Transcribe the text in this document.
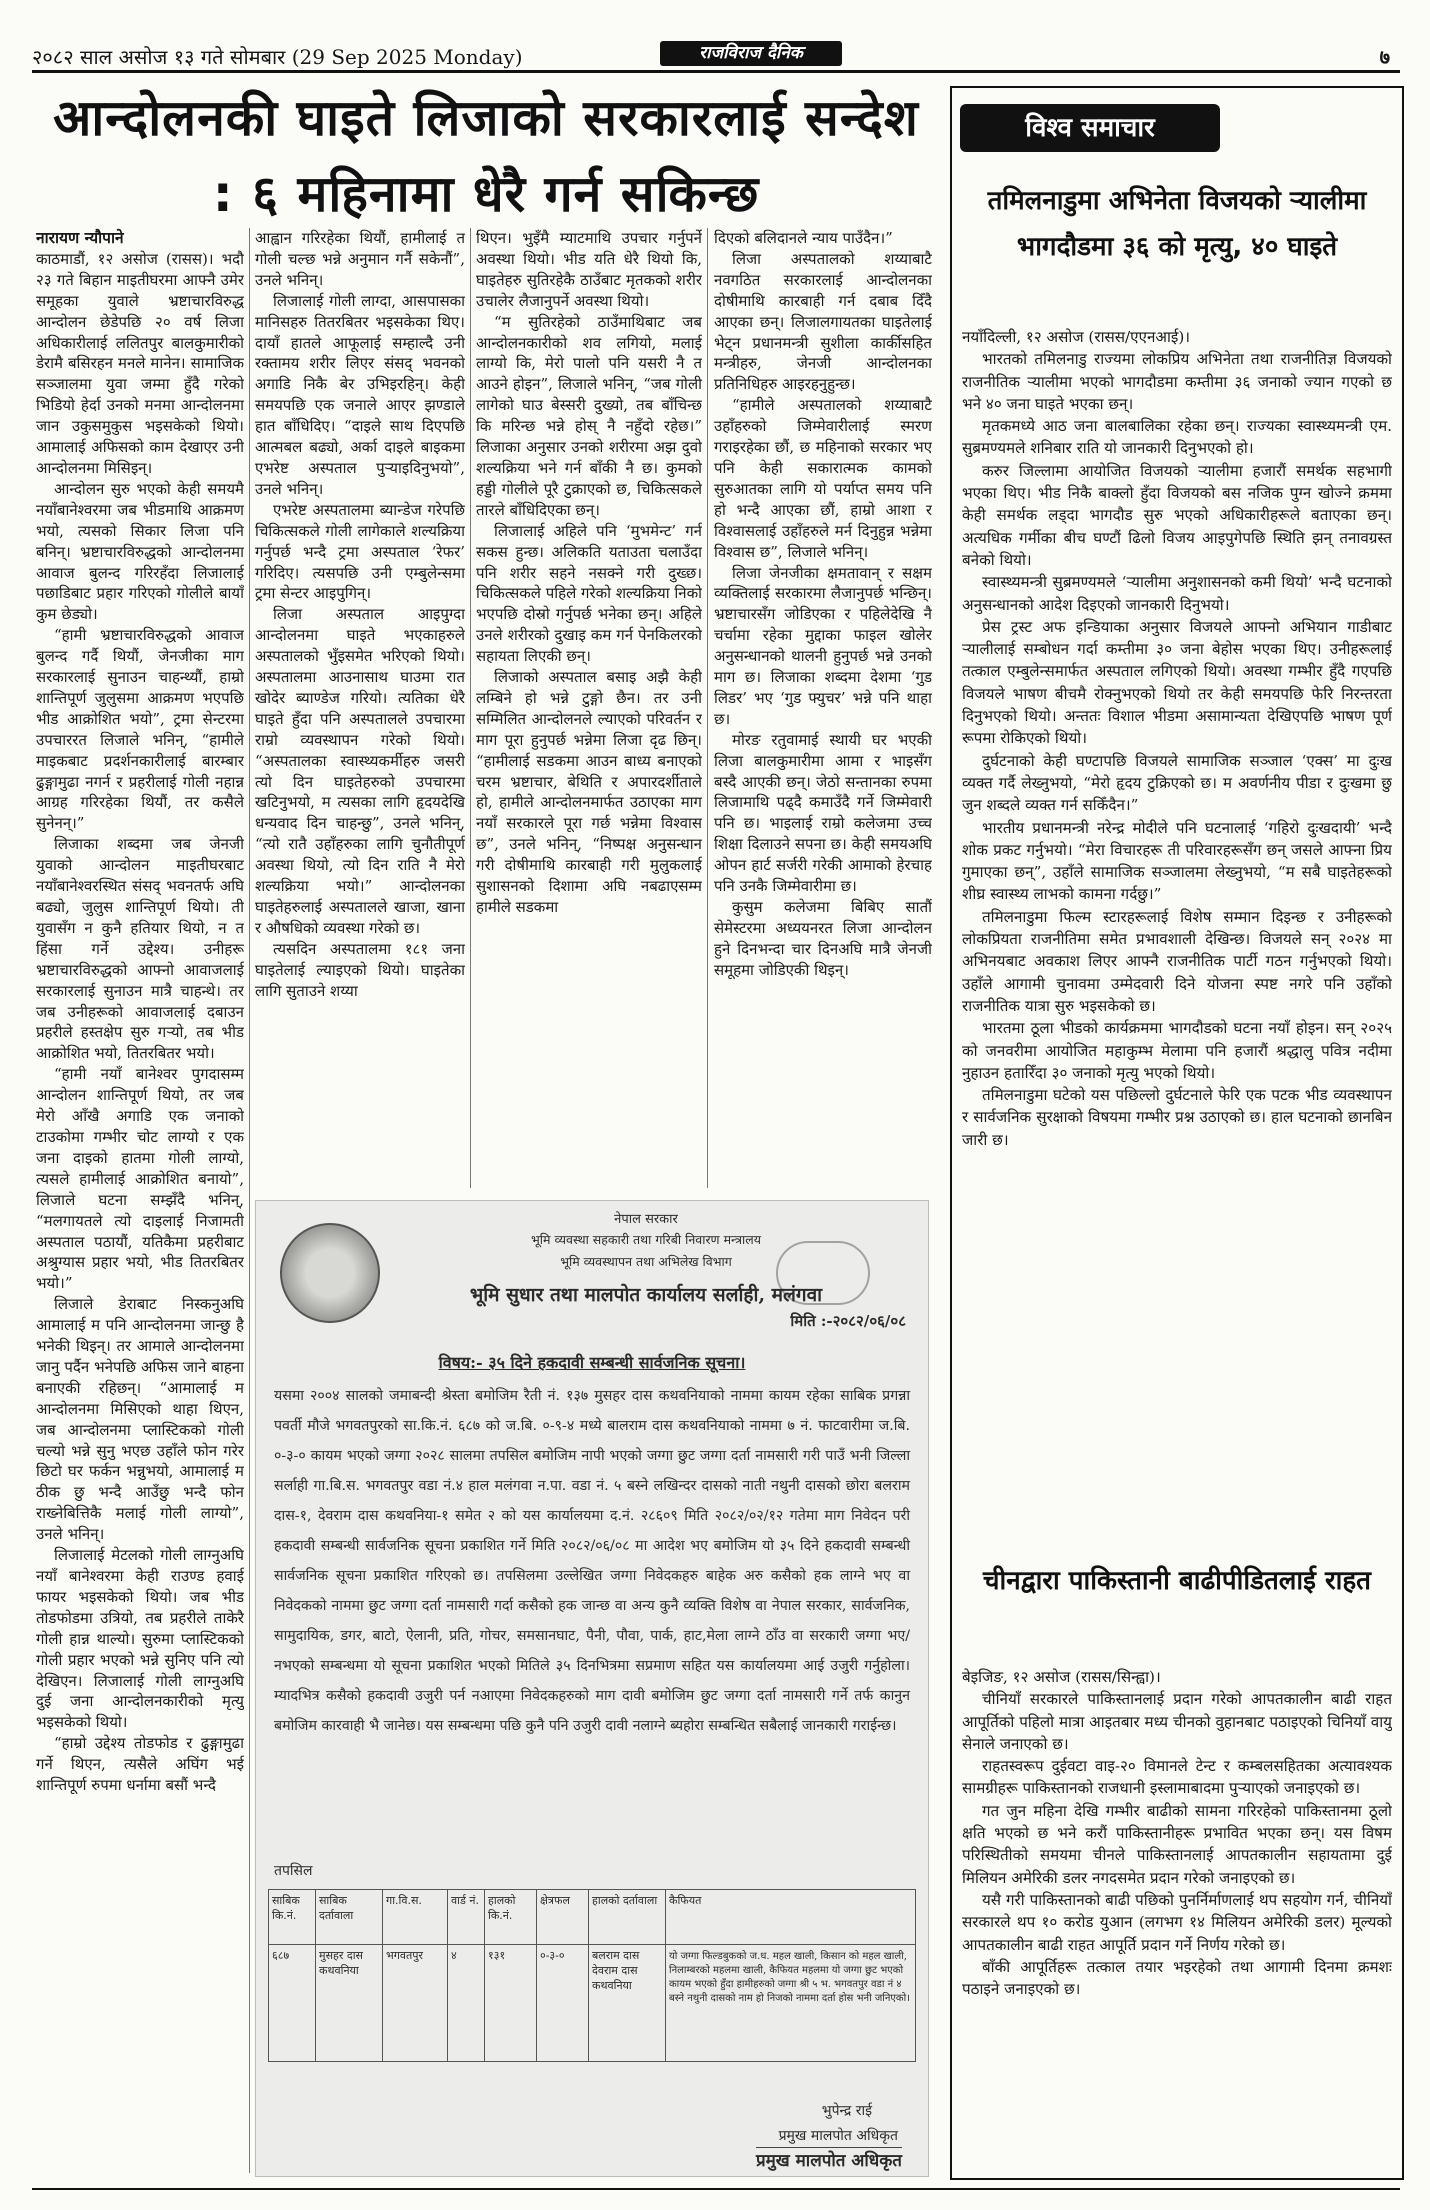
२०८२ साल असोज १३ गते सोमबार (29 Sep 2025 Monday)	राजविराज दैनिक	७
आन्दोलनकी घाइते लिजाको सरकारलाई सन्देश : ६ महिनामा धेरै गर्न सकिन्छ

नारायण न्यौपाने

काठमाडौं, १२ असोज (रासस)। भदौ २३ गते बिहान माइतीघरमा आफ्नै उमेर समूहका युवाले भ्रष्टाचारविरुद्ध आन्दोलन छेडेपछि २० वर्ष लिजा अधिकारीलाई ललितपुर बालकुमारीको डेरामै बसिरहन मनले मानेन। सामाजिक सञ्जालमा युवा जम्मा हुँदै गरेको भिडियो हेर्दा उनको मनमा आन्दोलनमा जान उकुसमुकुस भइसकेको थियो। आमालाई अफिसको काम देखाएर उनी आन्दोलनमा मिसिइन्।

आन्दोलन सुरु भएको केही समयमै नयाँबानेश्वरमा जब भीडमाथि आक्रमण भयो, त्यसको सिकार लिजा पनि बनिन्। भ्रष्टाचारविरुद्धको आन्दोलनमा आवाज बुलन्द गरिरहँदा लिजालाई पछाडिबाट प्रहार गरिएको गोलीले बायाँ कुम छेड्यो।

“हामी भ्रष्टाचारविरुद्धको आवाज बुलन्द गर्दै थियौं, जेनजीका माग सरकारलाई सुनाउन चाहन्थ्यौं, हाम्रो शान्तिपूर्ण जुलुसमा आक्रमण भएपछि भीड आक्रोशित भयो”, ट्रमा सेन्टरमा उपचाररत लिजाले भनिन्, “हामीले माइकबाट प्रदर्शनकारीलाई बारम्बार ढुङ्गामुढा नगर्न र प्रहरीलाई गोली नहान्न आग्रह गरिरहेका थियौं, तर कसैले सुनेनन्।”

लिजाका शब्दमा जब जेनजी युवाको आन्दोलन माइतीघरबाट नयाँबानेश्वरस्थित संसद् भवनतर्फ अघि बढ्यो, जुलुस शान्तिपूर्ण थियो। ती युवासँग न कुनै हतियार थियो, न त हिंसा गर्ने उद्देश्य। उनीहरू भ्रष्टाचारविरुद्धको आफ्नो आवाजलाई सरकारलाई सुनाउन मात्रै चाहन्थे। तर जब उनीहरूको आवाजलाई दबाउन प्रहरीले हस्तक्षेप सुरु गर्‍यो, तब भीड आक्रोशित भयो, तितरबितर भयो।

“हामी नयाँ बानेश्वर पुगदासम्म आन्दोलन शान्तिपूर्ण थियो, तर जब मेरो आँखै अगाडि एक जनाको टाउकोमा गम्भीर चोट लाग्यो र एक जना दाइको हातमा गोली लाग्यो, त्यसले हामीलाई आक्रोशित बनायो”, लिजाले घटना सम्झँदै भनिन्, “मलगायतले त्यो दाइलाई निजामती अस्पताल पठायौं, यतिकैमा प्रहरीबाट अश्रुग्यास प्रहार भयो, भीड तितरबितर भयो।”

लिजाले डेराबाट निस्कनुअघि आमालाई म पनि आन्दोलनमा जान्छु है भनेकी थिइन्। तर आमाले आन्दोलनमा जानु पर्दैन भनेपछि अफिस जाने बाहना बनाएकी रहिछन्। “आमालाई म आन्दोलनमा मिसिएको थाहा थिएन, जब आन्दोलनमा प्लास्टिकको गोली चल्यो भन्ने सुनु भएछ उहाँले फोन गरेर छिटो घर फर्कन भन्नुभयो, आमालाई म ठीक छु भन्दै आउँछु भन्दै फोन राख्नेबित्तिकै मलाई गोली लाग्यो”, उनले भनिन्।

लिजालाई मेटलको गोली लाग्नुअघि नयाँ बानेश्वरमा केही राउण्ड हवाई फायर भइसकेको थियो। जब भीड तोडफोडमा उत्रियो, तब प्रहरीले ताकेरै गोली हान्न थाल्यो। सुरुमा प्लास्टिकको गोली प्रहार भएको भन्ने सुनिए पनि त्यो देखिएन। लिजालाई गोली लाग्नुअघि दुई जना आन्दोलनकारीको मृत्यु भइसकेको थियो।

“हाम्रो उद्देश्य तोडफोड र ढुङ्गामुढा गर्ने थिएन, त्यसैले अघिंग भई शान्तिपूर्ण रुपमा धर्नामा बसौं भन्दै

आह्वान गरिरहेका थियौं, हामीलाई त गोली चल्छ भन्ने अनुमान गर्नै सकेनौं”, उनले भनिन्।

लिजालाई गोली लाग्दा, आसपासका मानिसहरु तितरबितर भइसकेका थिए। दायाँ हातले आफूलाई सम्हाल्दै उनी रक्तामय शरीर लिएर संसद् भवनको अगाडि निकै बेर उभिइरहिन्। केही समयपछि एक जनाले आएर झण्डाले हात बाँधिदिए। “दाइले साथ दिएपछि आत्मबल बढ्यो, अर्का दाइले बाइकमा एभरेष्ट अस्पताल पुऱ्याइदिनुभयो”, उनले भनिन्।

एभरेष्ट अस्पतालमा ब्यान्डेज गरेपछि चिकित्सकले गोली लागेकाले शल्यक्रिया गर्नुपर्छ भन्दै ट्रमा अस्पताल ‘रेफर’ गरिदिए। त्यसपछि उनी एम्बुलेन्समा ट्रमा सेन्टर आइपुगिन्।

लिजा अस्पताल आइपुग्दा आन्दोलनमा घाइते भएकाहरुले अस्पतालको भुँइसमेत भरिएको थियो। अस्पतालमा आउनासाथ घाउमा रात खोदेर ब्याण्डेज गरियो। त्यतिका धेरै घाइते हुँदा पनि अस्पतालले उपचारमा राम्रो व्यवस्थापन गरेको थियो। “अस्पतालका स्वास्थ्यकर्मीहरु जसरी त्यो दिन घाइतेहरुको उपचारमा खटिनुभयो, म त्यसका लागि हृदयदेखि धन्यवाद दिन चाहन्छु”, उनले भनिन्, “त्यो रातै उहाँहरुका लागि चुनौतीपूर्ण अवस्था थियो, त्यो दिन राति नै मेरो शल्यक्रिया भयो।” आन्दोलनका घाइतेहरुलाई अस्पतालले खाजा, खाना र औषधिको व्यवस्था गरेको छ।

त्यसदिन अस्पतालमा १८१ जना घाइतेलाई ल्याइएको थियो। घाइतेका लागि सुताउने शय्या

थिएन। भुइँमै म्याटमाथि उपचार गर्नुपर्ने अवस्था थियो। भीड यति धेरै थियो कि, घाइतेहरु सुतिरहेकै ठाउँबाट मृतकको शरीर उचालेर लैजानुपर्ने अवस्था थियो।

“म सुतिरहेको ठाउँमाथिबाट जब आन्दोलनकारीको शव लगियो, मलाई लाग्यो कि, मेरो पालो पनि यसरी नै त आउने होइन”, लिजाले भनिन्, “जब गोली लागेको घाउ बेस्सरी दुख्यो, तब बाँचिन्छ कि मरिन्छ भन्ने होस् नै नहुँदो रहेछ।” लिजाका अनुसार उनको शरीरमा अझ दुवो शल्यक्रिया भने गर्न बाँकी नै छ। कुमको हड्डी गोलीले पूरै टुक्राएको छ, चिकित्सकले तारले बाँधिदिएका छन्।

लिजालाई अहिले पनि ‘मुभमेन्ट’ गर्न सकस हुन्छ। अलिकति यताउता चलाउँदा पनि शरीर सहने नसक्ने गरी दुख्छ। चिकित्सकले पहिले गरेको शल्यक्रिया निको भएपछि दोस्रो गर्नुपर्छ भनेका छन्। अहिले उनले शरीरको दुखाइ कम गर्न पेनकिलरको सहायता लिएकी छन्।

लिजाको अस्पताल बसाइ अझै केही लम्बिने हो भन्ने टुङ्गो छैन। तर उनी सम्मिलित आन्दोलनले ल्याएको परिवर्तन र माग पूरा हुनुपर्छ भन्नेमा लिजा दृढ छिन्। “हामीलाई सडकमा आउन बाध्य बनाएको चरम भ्रष्टाचार, बेथिति र अपारदर्शीताले हो, हामीले आन्दोलनमार्फत उठाएका माग नयाँ सरकारले पूरा गर्छ भन्नेमा विश्वास छ”, उनले भनिन्, “निष्पक्ष अनुसन्धान गरी दोषीमाथि कारबाही गरी मुलुकलाई सुशासनको दिशामा अघि नबढाएसम्म हामीले सडकमा

दिएको बलिदानले न्याय पाउँदैन।”

लिजा अस्पतालको शय्याबाटै नवगठित सरकारलाई आन्दोलनका दोषीमाथि कारबाही गर्न दबाब दिँदै आएका छन्। लिजालगायतका घाइतेलाई भेट्न प्रधानमन्त्री सुशीला कार्कीसहित मन्त्रीहरु, जेनजी आन्दोलनका प्रतिनिधिहरु आइरहनुहुन्छ।

“हामीले अस्पतालको शय्याबाटै उहाँहरुको जिम्मेवारीलाई स्मरण गराइरहेका छौं, छ महिनाको सरकार भए पनि केही सकारात्मक कामको सुरुआतका लागि यो पर्याप्त समय पनि हो भन्दै आएका छौं, हाम्रो आशा र विश्वासलाई उहाँहरुले मर्न दिनुहुन्न भन्नेमा विश्वास छ”, लिजाले भनिन्।

लिजा जेनजीका क्षमतावान् र सक्षम व्यक्तिलाई सरकारमा लैजानुपर्छ भन्छिन्। भ्रष्टाचारसँग जोडिएका र पहिलेदेखि नै चर्चामा रहेका मुद्दाका फाइल खोलेर अनुसन्धानको थालनी हुनुपर्छ भन्ने उनको माग छ। लिजाका शब्दमा देशमा ‘गुड लिडर’ भए ‘गुड फ्युचर’ भन्ने पनि थाहा छ।

मोरङ रतुवामाई स्थायी घर भएकी लिजा बालकुमारीमा आमा र भाइसँग बस्दै आएकी छन्। जेठो सन्तानका रुपमा लिजामाथि पढ्दै कमाउँदै गर्ने जिम्मेवारी पनि छ। भाइलाई राम्रो कलेजमा उच्च शिक्षा दिलाउने सपना छ। केही समयअघि ओपन हार्ट सर्जरी गरेकी आमाको हेरचाह पनि उनकै जिम्मेवारीमा छ।

कुसुम कलेजमा बिबिए सातौं सेमेस्टरमा अध्ययनरत लिजा आन्दोलन हुने दिनभन्दा चार दिनअघि मात्रै जेनजी समूहमा जोडिएकी थिइन्।

नेपाल सरकार
भूमि व्यवस्था सहकारी तथा गरिबी निवारण मन्त्रालय
भूमि व्यवस्थापन तथा अभिलेख विभाग
भूमि सुधार तथा मालपोत कार्यालय सर्लाही, मलंगवा
मिति :-२०८२/०६/०८
विषय:- ३५ दिने हकदावी सम्बन्धी सार्वजनिक सूचना।
यसमा २००४ सालको जमाबन्दी श्रेस्ता बमोजिम रैती नं. १३७ मुसहर दास कथवनियाको नाममा कायम रहेका साबिक प्रगन्ना पवर्ती मौजे भगवतपुरको सा.कि.नं. ६८७ को ज.बि. ०-९-४ मध्ये बालराम दास कथवनियाको नाममा ७ नं. फाटवारीमा ज.बि. ०-३-० कायम भएको जग्गा २०२८ सालमा तपसिल बमोजिम नापी भएको जग्गा छुट जग्गा दर्ता नामसारी गरी पाउँ भनी जिल्ला सर्लाही गा.बि.स. भगवतपुर वडा नं.४ हाल मलंगवा न.पा. वडा नं. ५ बस्ने लखिन्दर दासको नाती नथुनी दासको छोरा बलराम दास-१, देवराम दास कथवनिया-१ समेत २ को यस कार्यालयमा द.नं. २८६०९ मिति २०८२/०२/१२ गतेमा माग निवेदन परी हकदावी सम्बन्धी सार्वजनिक सूचना प्रकाशित गर्ने मिति २०८२/०६/०८ मा आदेश भए बमोजिम यो ३५ दिने हकदावी सम्बन्धी सार्वजनिक सूचना प्रकाशित गरिएको छ। तपसिलमा उल्लेखित जग्गा निवेदकहरु बाहेक अरु कसैको हक लाग्ने भए वा निवेदकको नाममा छुट जग्गा दर्ता नामसारी गर्दा कसैको हक जान्छ वा अन्य कुनै व्यक्ति विशेष वा नेपाल सरकार, सार्वजनिक, सामुदायिक, डगर, बाटो, ऐलानी, प्रति, गोचर, समसानघाट, पैनी, पौवा, पार्क, हाट,मेला लाग्ने ठाँउ वा सरकारी जग्गा भए/ नभएको सम्बन्धमा यो सूचना प्रकाशित भएको मितिले ३५ दिनभित्रमा सप्रमाण सहित यस कार्यालयमा आई उजुरी गर्नुहोला। म्यादभित्र कसैको हकदावी उजुरी पर्न नआएमा निवेदकहरुको माग दावी बमोजिम छुट जग्गा दर्ता नामसारी गर्ने तर्फ कानुन बमोजिम कारवाही भै जानेछ। यस सम्बन्धमा पछि कुनै पनि उजुरी दावी नलाग्ने ब्यहोरा सम्बन्धित सबैलाई जानकारी गराईन्छ।
तपसिल
साबिक कि.नं.	साबिक दर्तावाला	गा.वि.स.	वार्ड नं.	हालको कि.नं.	क्षेत्रफल	हालको दर्तावाला	कैफियत
६८७	मुसहर दास कथवनिया	भगवतपुर	४	१३१	०-३-०	बलराम दास देवराम दास कथवनिया	यो जग्गा फिल्डबुकको ज.ध. महल खाली, किसान को महल खाली, निलाम्बरको महलमा खाली, कैफियत महलमा यो जग्गा छुट भएको कायम भएको हुँदा हामीहरुको जग्गा श्री ५ भ. भगवतपुर वडा नं ४ बस्ने नथुनी दासको नाम हो निजको नाममा दर्ता होस भनी जनिएको।
भुपेन्द्र राई
प्रमुख मालपोत अधिकृत
प्रमुख मालपोत अधिकृत
विश्व समाचार
तमिलनाडुमा अभिनेता विजयको र्‍यालीमा भागदौडमा ३६ को मृत्यु, ४० घाइते

नयाँदिल्ली, १२ असोज (रासस/एएनआई)।

भारतको तमिलनाडु राज्यमा लोकप्रिय अभिनेता तथा राजनीतिज्ञ विजयको राजनीतिक र्‍यालीमा भएको भागदौडमा कम्तीमा ३६ जनाको ज्यान गएको छ भने ४० जना घाइते भएका छन्।

मृतकमध्ये आठ जना बालबालिका रहेका छन्। राज्यका स्वास्थ्यमन्त्री एम. सुब्रमण्यमले शनिबार राति यो जानकारी दिनुभएको हो।

करुर जिल्लामा आयोजित विजयको र्‍यालीमा हजारौं समर्थक सहभागी भएका थिए। भीड निकै बाक्लो हुँदा विजयको बस नजिक पुग्न खोज्ने क्रममा केही समर्थक लड्दा भागदौड सुरु भएको अधिकारीहरूले बताएका छन्। अत्यधिक गर्मीका बीच घण्टौं ढिलो विजय आइपुगेपछि स्थिति झन् तनावग्रस्त बनेको थियो।

स्वास्थ्यमन्त्री सुब्रमण्यमले ‘र्‍यालीमा अनुशासनको कमी थियो’ भन्दै घटनाको अनुसन्धानको आदेश दिइएको जानकारी दिनुभयो।

प्रेस ट्रस्ट अफ इन्डियाका अनुसार विजयले आफ्नो अभियान गाडीबाट र्‍यालीलाई सम्बोधन गर्दा कम्तीमा ३० जना बेहोस भएका थिए। उनीहरूलाई तत्काल एम्बुलेन्समार्फत अस्पताल लगिएको थियो। अवस्था गम्भीर हुँदै गएपछि विजयले भाषण बीचमै रोक्नुभएको थियो तर केही समयपछि फेरि निरन्तरता दिनुभएको थियो। अन्ततः विशाल भीडमा असामान्यता देखिएपछि भाषण पूर्ण रूपमा रोकिएको थियो।

दुर्घटनाको केही घण्टापछि विजयले सामाजिक सञ्जाल ‘एक्स’ मा दुःख व्यक्त गर्दै लेख्नुभयो, “मेरो हृदय टुक्रिएको छ। म अवर्णनीय पीडा र दुःखमा छु जुन शब्दले व्यक्त गर्न सकिँदैन।”

भारतीय प्रधानमन्त्री नरेन्द्र मोदीले पनि घटनालाई ‘गहिरो दुःखदायी’ भन्दै शोक प्रकट गर्नुभयो। “मेरा विचारहरू ती परिवारहरूसँग छन् जसले आफ्ना प्रिय गुमाएका छन्”, उहाँले सामाजिक सञ्जालमा लेख्नुभयो, “म सबै घाइतेहरूको शीघ्र स्वास्थ्य लाभको कामना गर्दछु।”

तमिलनाडुमा फिल्म स्टारहरूलाई विशेष सम्मान दिइन्छ र उनीहरूको लोकप्रियता राजनीतिमा समेत प्रभावशाली देखिन्छ। विजयले सन् २०२४ मा अभिनयबाट अवकाश लिएर आफ्नै राजनीतिक पार्टी गठन गर्नुभएको थियो। उहाँले आगामी चुनावमा उम्मेदवारी दिने योजना स्पष्ट नगरे पनि उहाँको राजनीतिक यात्रा सुरु भइसकेको छ।

भारतमा ठूला भीडको कार्यक्रममा भागदौडको घटना नयाँ होइन। सन् २०२५ को जनवरीमा आयोजित महाकुम्भ मेलामा पनि हजारौं श्रद्धालु पवित्र नदीमा नुहाउन हतारिँदा ३० जनाको मृत्यु भएको थियो।

तमिलनाडुमा घटेको यस पछिल्लो दुर्घटनाले फेरि एक पटक भीड व्यवस्थापन र सार्वजनिक सुरक्षाको विषयमा गम्भीर प्रश्न उठाएको छ। हाल घटनाको छानबिन जारी छ।

चीनद्वारा पाकिस्तानी बाढीपीडितलाई राहत

बेइजिङ, १२ असोज (रासस/सिन्ह्वा)।

चीनियाँ सरकारले पाकिस्तानलाई प्रदान गरेको आपतकालीन बाढी राहत आपूर्तिको पहिलो मात्रा आइतबार मध्य चीनको वुहानबाट पठाइएको चिनियाँ वायु सेनाले जनाएको छ।

राहतस्वरूप दुईवटा वाइ-२० विमानले टेन्ट र कम्बलसहितका अत्यावश्यक सामग्रीहरू पाकिस्तानको राजधानी इस्लामाबादमा पुऱ्याएको जनाइएको छ।

गत जुन महिना देखि गम्भीर बाढीको सामना गरिरहेको पाकिस्तानमा ठूलो क्षति भएको छ भने करौं पाकिस्तानीहरू प्रभावित भएका छन्। यस विषम परिस्थितीको समयमा चीनले पाकिस्तानलाई आपतकालीन सहायतामा दुई मिलियन अमेरिकी डलर नगदसमेत प्रदान गरेको जनाइएको छ।

यसै गरी पाकिस्तानको बाढी पछिको पुनर्निर्माणलाई थप सहयोग गर्न, चीनियाँ सरकारले थप १० करोड युआन (लगभग १४ मिलियन अमेरिकी डलर) मूल्यको आपतकालीन बाढी राहत आपूर्ति प्रदान गर्ने निर्णय गरेको छ।

बाँकी आपूर्तिहरू तत्काल तयार भइरहेको तथा आगामी दिनमा क्रमशः पठाइने जनाइएको छ।
